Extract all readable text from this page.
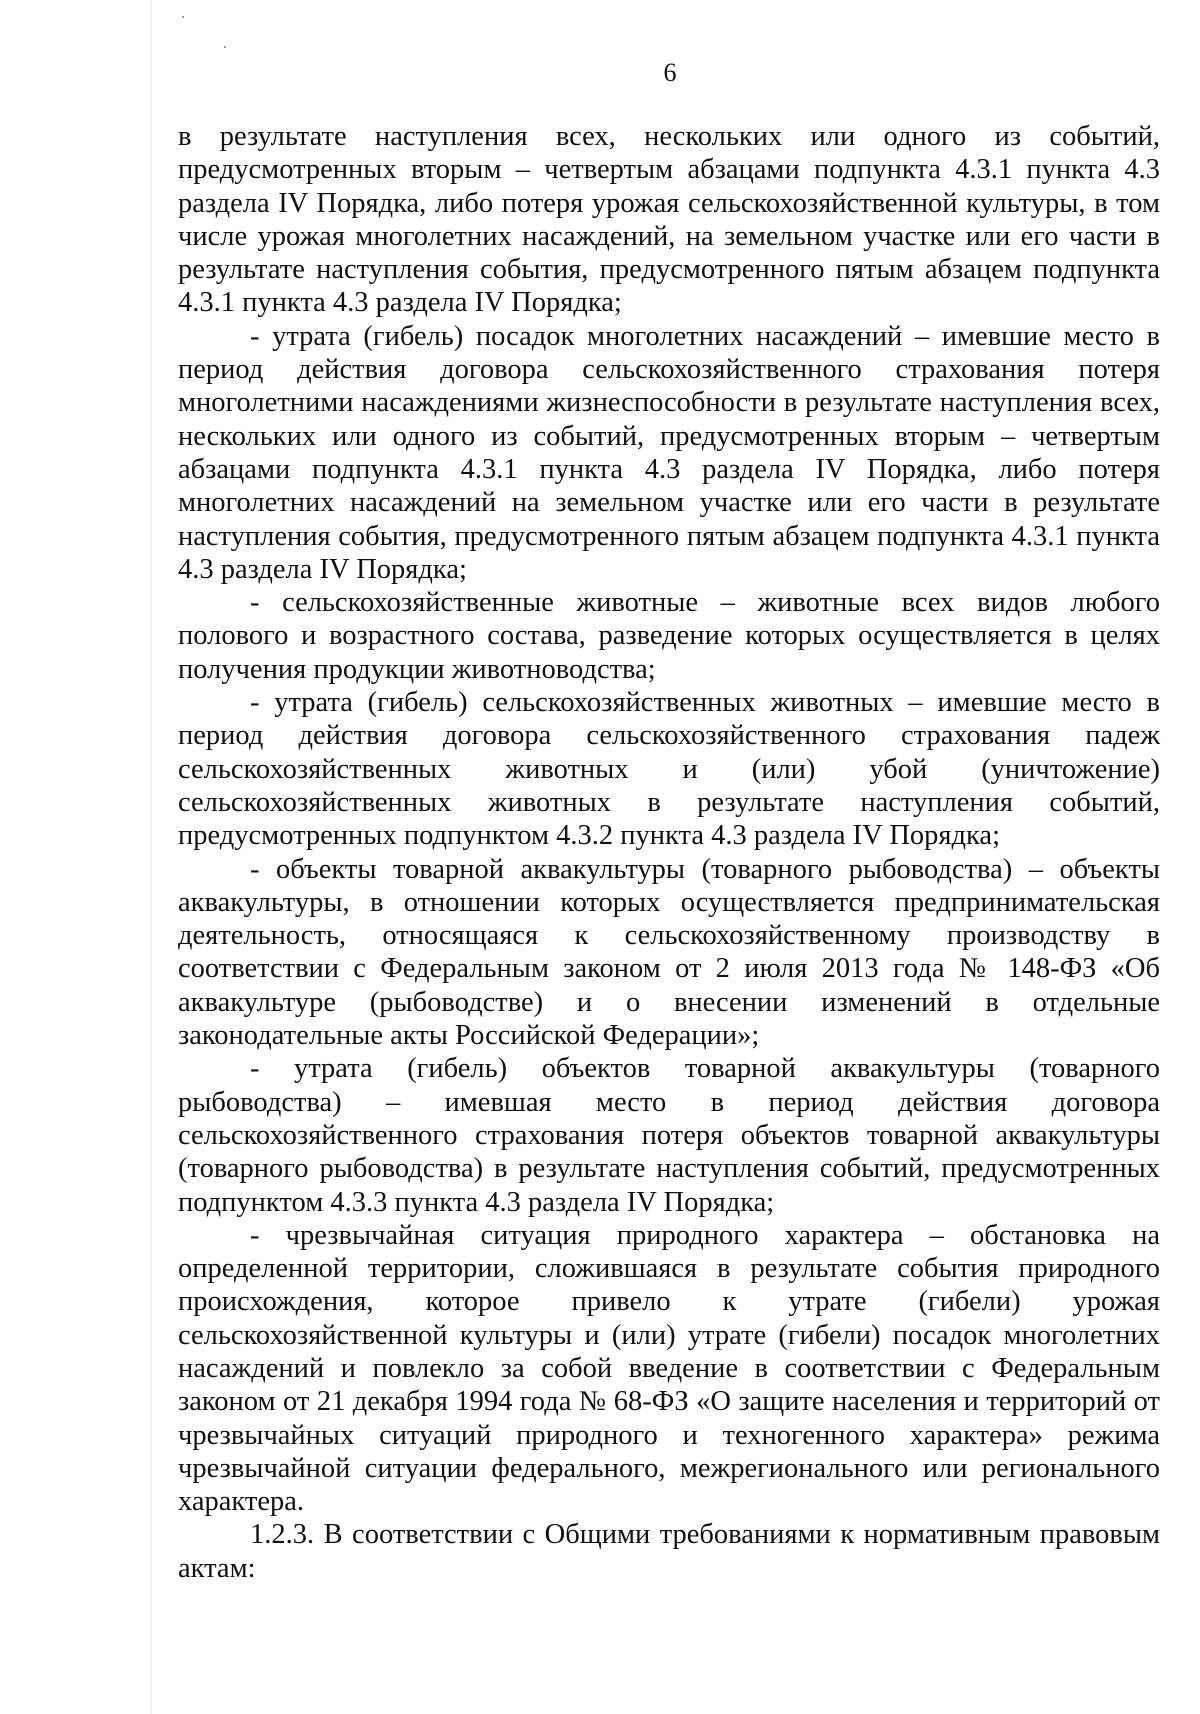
6

в результате наступления всех, нескольких или одного из событий, предусмотренных вторым – четвертым абзацами подпункта 4.3.1 пункта 4.3 раздела IV Порядка, либо потеря урожая сельскохозяйственной культуры, в том числе урожая многолетних насаждений, на земельном участке или его части в результате наступления события, предусмотренного пятым абзацем подпункта 4.3.1 пункта 4.3 раздела IV Порядка;

- утрата (гибель) посадок многолетних насаждений – имевшие место в период действия договора сельскохозяйственного страхования потеря многолетними насаждениями жизнеспособности в результате наступления всех, нескольких или одного из событий, предусмотренных вторым – четвертым абзацами подпункта 4.3.1 пункта 4.3 раздела IV Порядка, либо потеря многолетних насаждений на земельном участке или его части в результате наступления события, предусмотренного пятым абзацем подпункта 4.3.1 пункта 4.3 раздела IV Порядка;

- сельскохозяйственные животные – животные всех видов любого полового и возрастного состава, разведение которых осуществляется в целях получения продукции животноводства;

- утрата (гибель) сельскохозяйственных животных – имевшие место в период действия договора сельскохозяйственного страхования падеж сельскохозяйственных животных и (или) убой (уничтожение) сельскохозяйственных животных в результате наступления событий, предусмотренных подпунктом 4.3.2 пункта 4.3 раздела IV Порядка;

- объекты товарной аквакультуры (товарного рыбоводства) – объекты аквакультуры, в отношении которых осуществляется предпринимательская деятельность, относящаяся к сельскохозяйственному производству в соответствии с Федеральным законом от 2 июля 2013 года № 148-ФЗ «Об аквакультуре (рыбоводстве) и о внесении изменений в отдельные законодательные акты Российской Федерации»;

- утрата (гибель) объектов товарной аквакультуры (товарного рыбоводства) – имевшая место в период действия договора сельскохозяйственного страхования потеря объектов товарной аквакультуры (товарного рыбоводства) в результате наступления событий, предусмотренных подпунктом 4.3.3 пункта 4.3 раздела IV Порядка;

- чрезвычайная ситуация природного характера – обстановка на определенной территории, сложившаяся в результате события природного происхождения, которое привело к утрате (гибели) урожая сельскохозяйственной культуры и (или) утрате (гибели) посадок многолетних насаждений и повлекло за собой введение в соответствии с Федеральным законом от 21 декабря 1994 года № 68-ФЗ «О защите населения и территорий от чрезвычайных ситуаций природного и техногенного характера» режима чрезвычайной ситуации федерального, межрегионального или регионального характера.

1.2.3. В соответствии с Общими требованиями к нормативным правовым актам:
